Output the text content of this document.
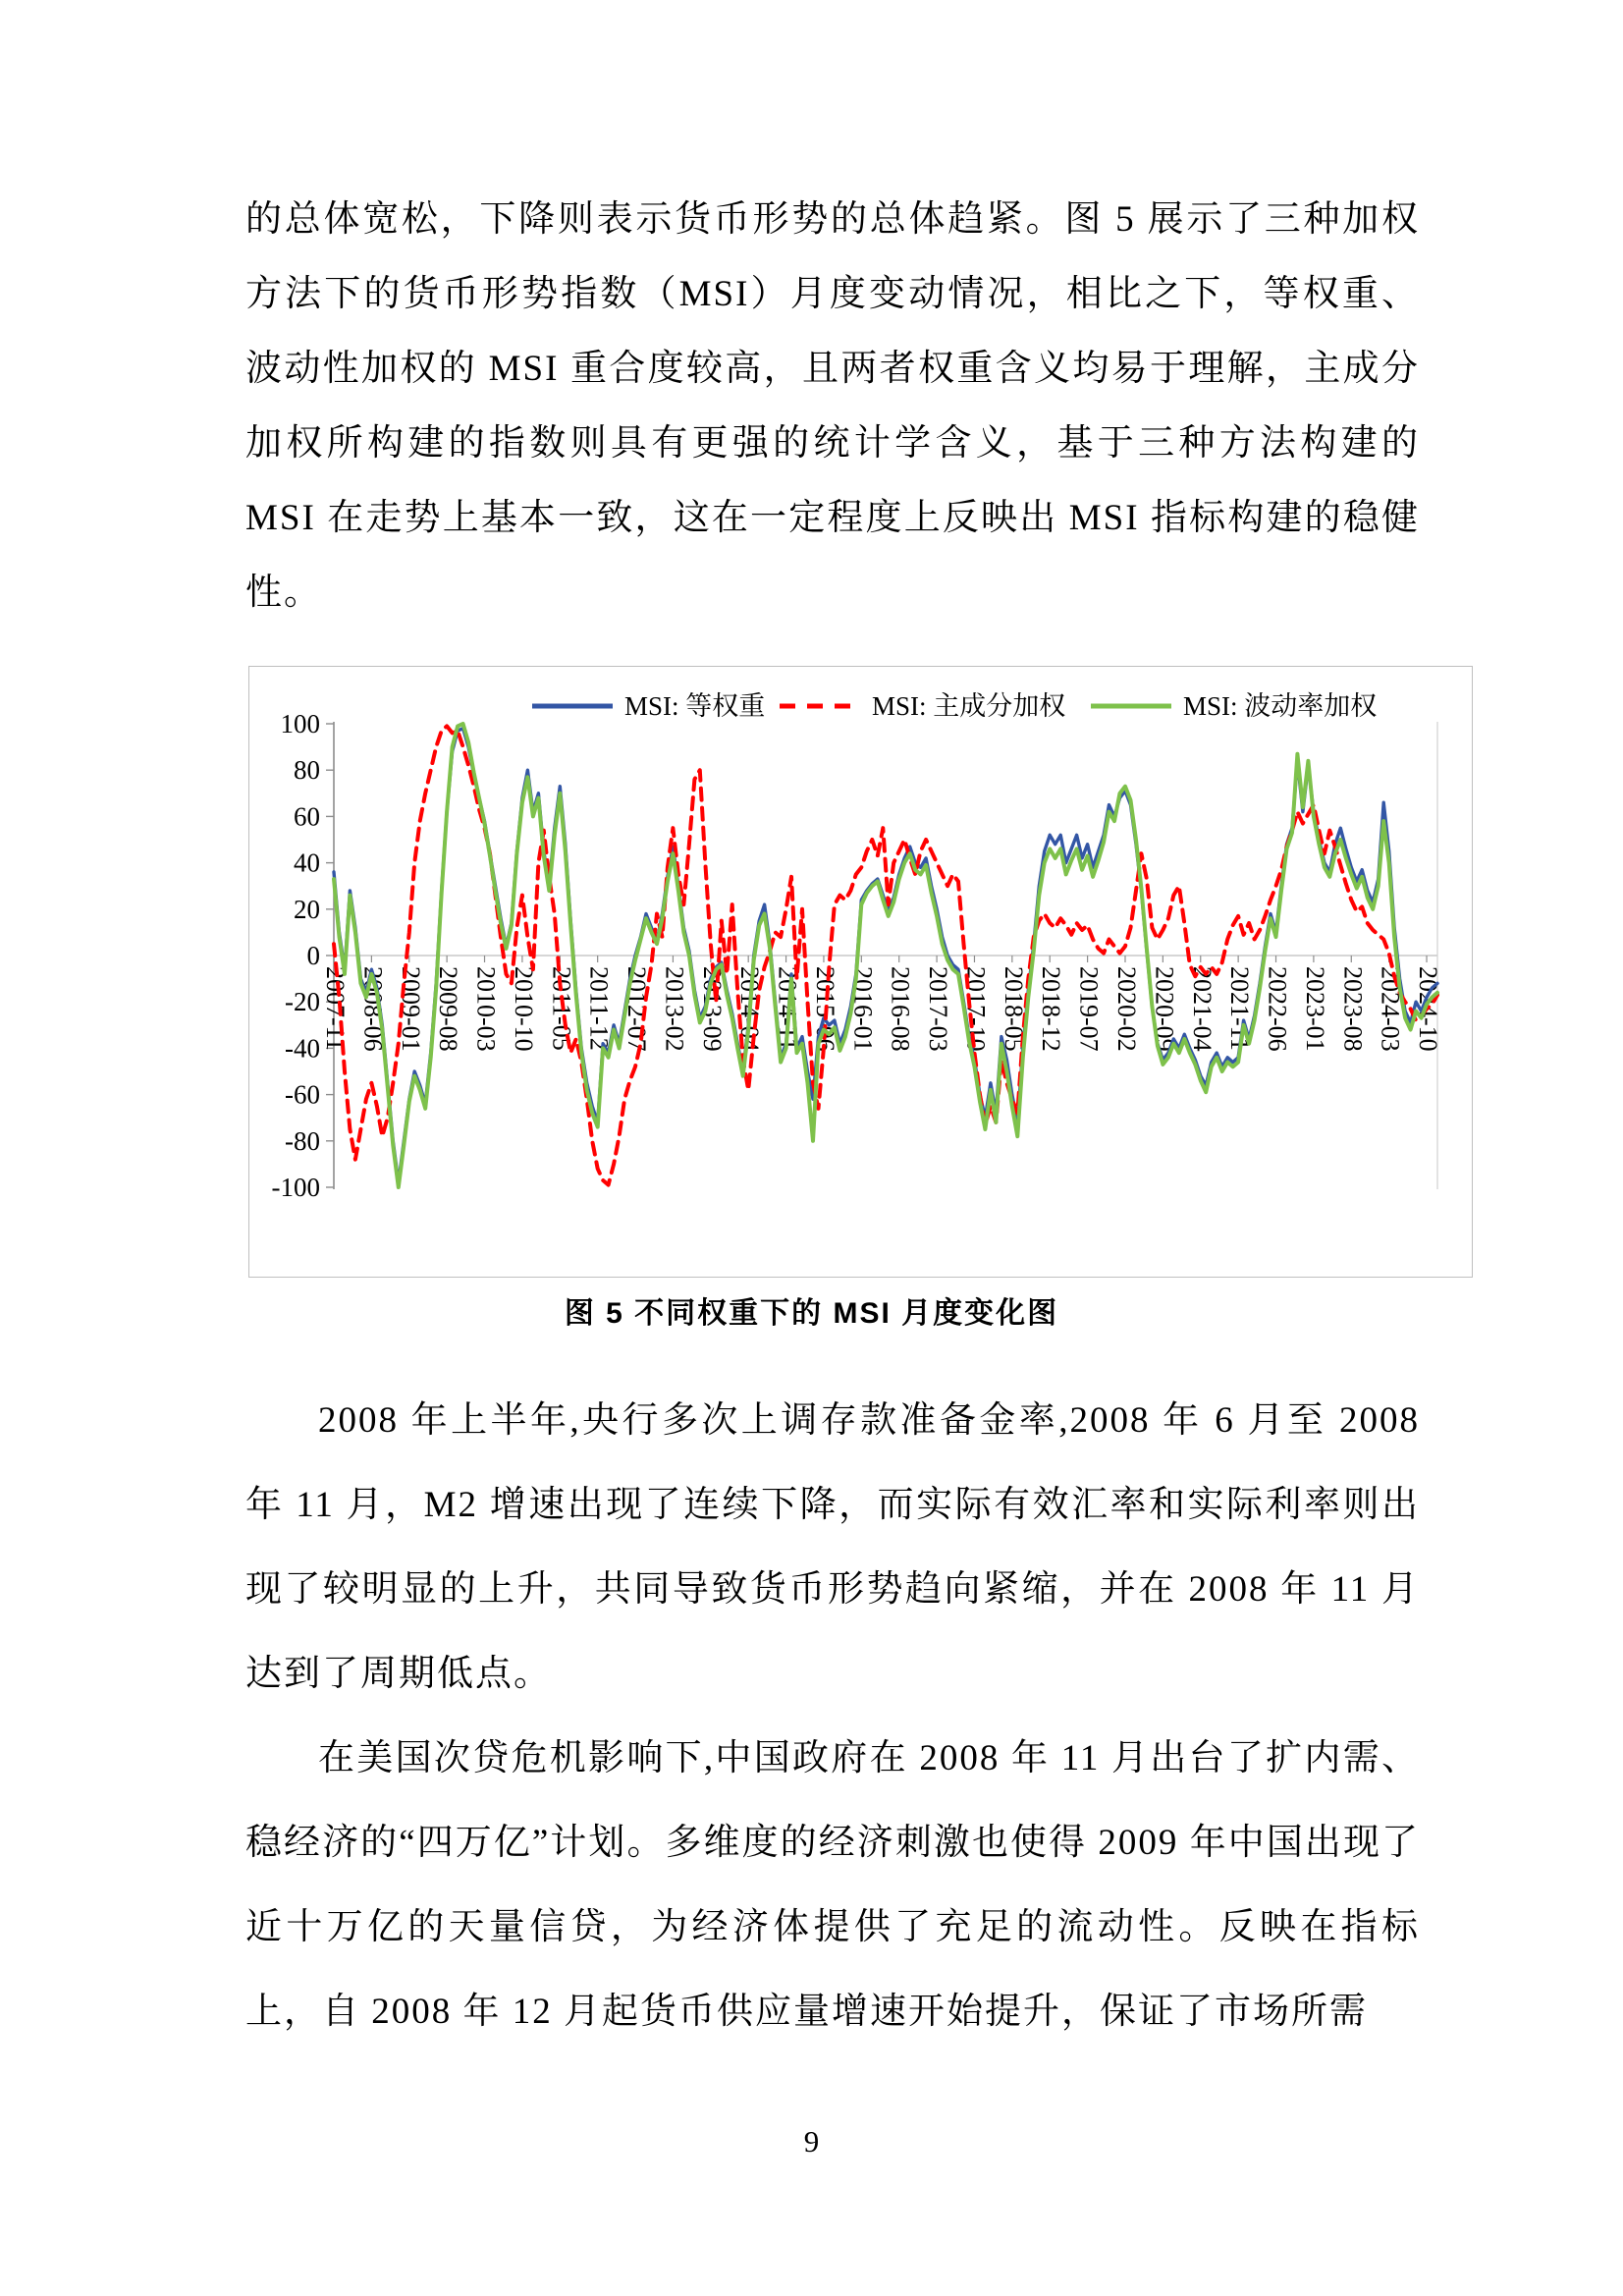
的总体宽松，下降则表示货币形势的总体趋紧。图 5 展示了三种加权方法下的货币形势指数（MSI）月度变动情况，相比之下，等权重、波动性加权的 MSI 重合度较高，且两者权重含义均易于理解，主成分加权所构建的指数则具有更强的统计学含义，基于三种方法构建的 MSI 在走势上基本一致，这在一定程度上反映出 MSI 指标构建的稳健性。

100
80
60
40
20
0
-20
-40
-60
-80
-100
2007-11 2008-06 2009-01 2009-08 2010-03 2010-10 2011-05 2011-12 2012-07 2013-02 2013-09 2014-04 2014-11 2015-06 2016-01 2016-08 2017-03 2017-10 2018-05 2018-12 2019-07 2020-02 2020-09 2021-04 2021-11 2022-06 2023-01 2023-08 2024-03 2024-10
MSI: 等权重	MSI: 主成分加权	MSI: 波动率加权
图 5 不同权重下的 MSI 月度变化图

2008 年上半年,央行多次上调存款准备金率,2008 年 6 月至 2008 年 11 月，M2 增速出现了连续下降，而实际有效汇率和实际利率则出现了较明显的上升，共同导致货币形势趋向紧缩，并在 2008 年 11 月达到了周期低点。

在美国次贷危机影响下,中国政府在 2008 年 11 月出台了扩内需、稳经济的“四万亿”计划。多维度的经济刺激也使得 2009 年中国出现了近十万亿的天量信贷，为经济体提供了充足的流动性。反映在指标上，自 2008 年 12 月起货币供应量增速开始提升，保证了市场所需

9
